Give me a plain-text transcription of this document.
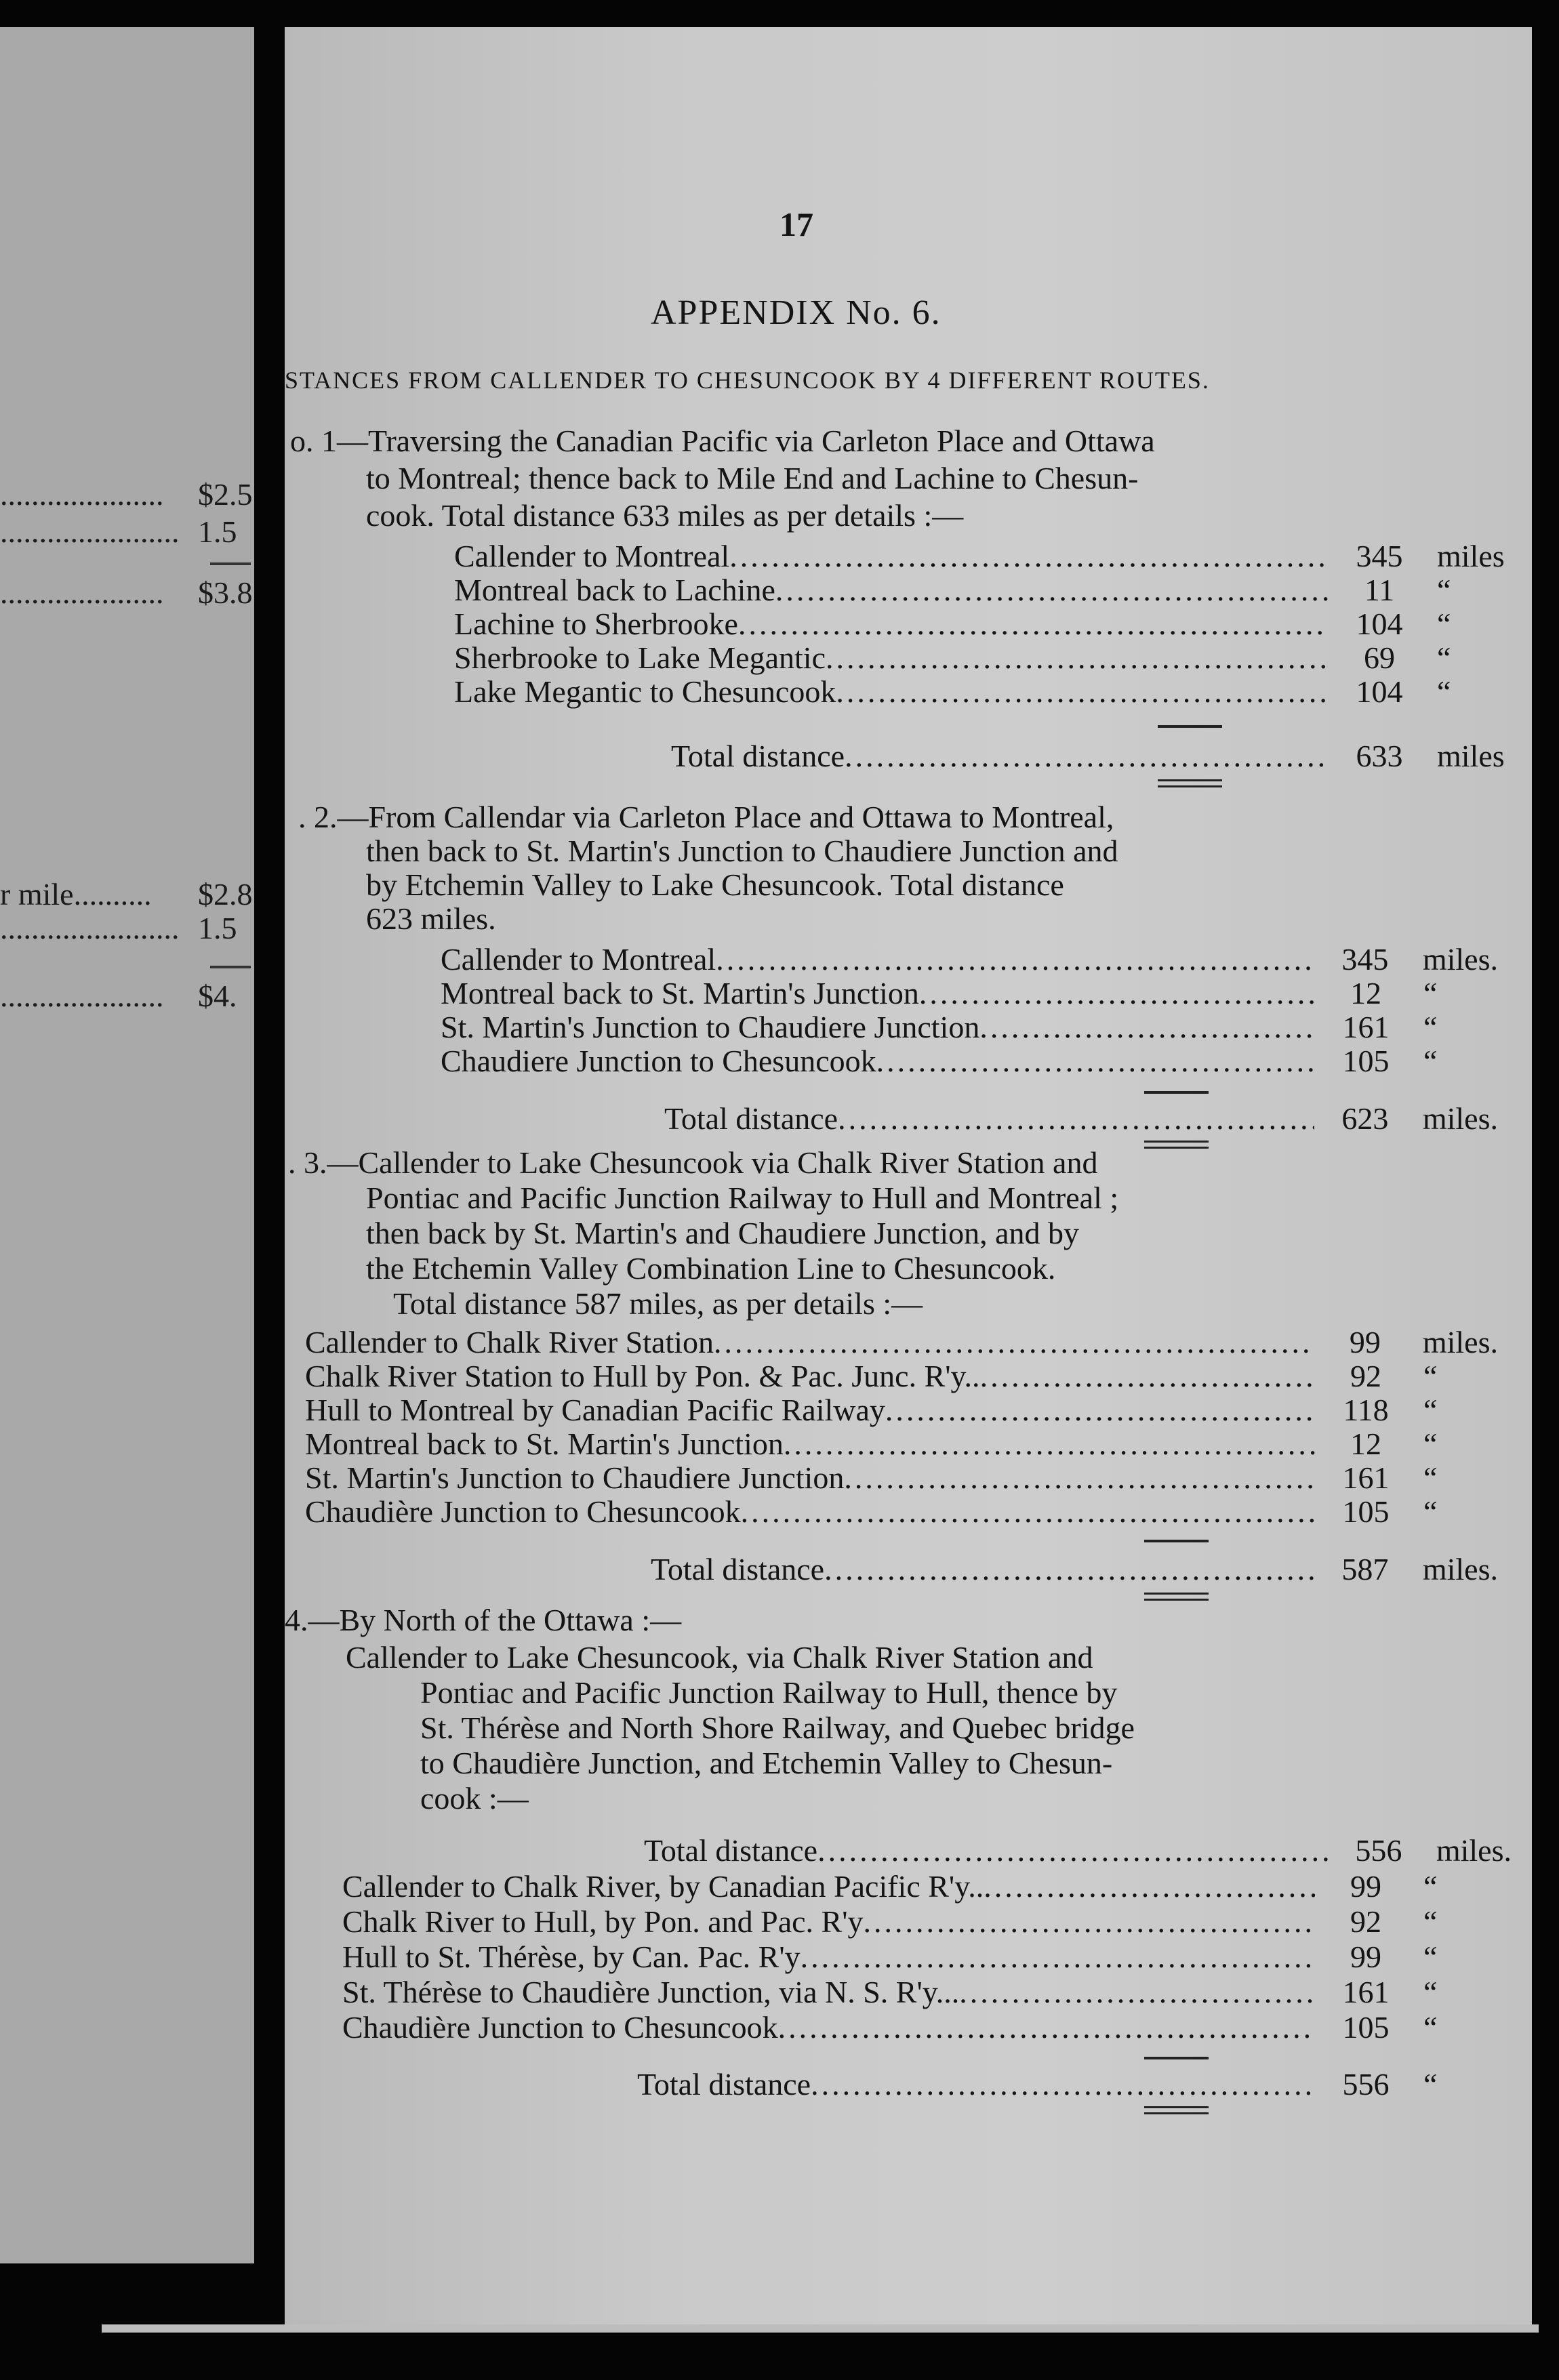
..................... $2.5
....................... 1.5
..................... $3.8
r mile.......... $2.8
....................... 1.5
..................... $4.
17
APPENDIX No. 6.
STANCES FROM CALLENDER TO CHESUNCOOK BY 4 DIFFERENT ROUTES.
o. 1—Traversing the Canadian Pacific via Carleton Place and Ottawa
to Montreal; thence back to Mile End and Lachine to Chesun-
cook. Total distance 633 miles as per details :—
Callender to Montreal .....	345	miles
Montreal back to Lachine .....	11	“
Lachine to Sherbrooke .....	104	“
Sherbrooke to Lake Megantic .....	69	“
Lake Megantic to Chesuncook .....	104	“
Total distance .....	633	miles
. 2.—From Callendar via Carleton Place and Ottawa to Montreal,
then back to St. Martin's Junction to Chaudiere Junction and
by Etchemin Valley to Lake Chesuncook. Total distance
623 miles.
Callender to Montreal .....	345	miles.
Montreal back to St. Martin's Junction .....	12	“
St. Martin's Junction to Chaudiere Junction .....	161	“
Chaudiere Junction to Chesuncook .....	105	“
Total distance .....	623	miles.
. 3.—Callender to Lake Chesuncook via Chalk River Station and
Pontiac and Pacific Junction Railway to Hull and Montreal ;
then back by St. Martin's and Chaudiere Junction, and by
the Etchemin Valley Combination Line to Chesuncook.
Total distance 587 miles, as per details :—
Callender to Chalk River Station .....	99	miles.
Chalk River Station to Hull by Pon. & Pac. Junc. R'y.. .....	92	“
Hull to Montreal by Canadian Pacific Railway .....	118	“
Montreal back to St. Martin's Junction .....	12	“
St. Martin's Junction to Chaudiere Junction .....	161	“
Chaudière Junction to Chesuncook .....	105	“
Total distance .....	587	miles.
4.—By North of the Ottawa :—
Callender to Lake Chesuncook, via Chalk River Station and
Pontiac and Pacific Junction Railway to Hull, thence by
St. Thérèse and North Shore Railway, and Quebec bridge
to Chaudière Junction, and Etchemin Valley to Chesun-
cook :—
Total distance .....	556	miles.
Callender to Chalk River, by Canadian Pacific R'y.. .....	99	“
Chalk River to Hull, by Pon. and Pac. R'y .....	92	“
Hull to St. Thérèse, by Can. Pac. R'y .....	99	“
St. Thérèse to Chaudière Junction, via N. S. R'y... .....	161	“
Chaudière Junction to Chesuncook .....	105	“
Total distance .....	556	“
